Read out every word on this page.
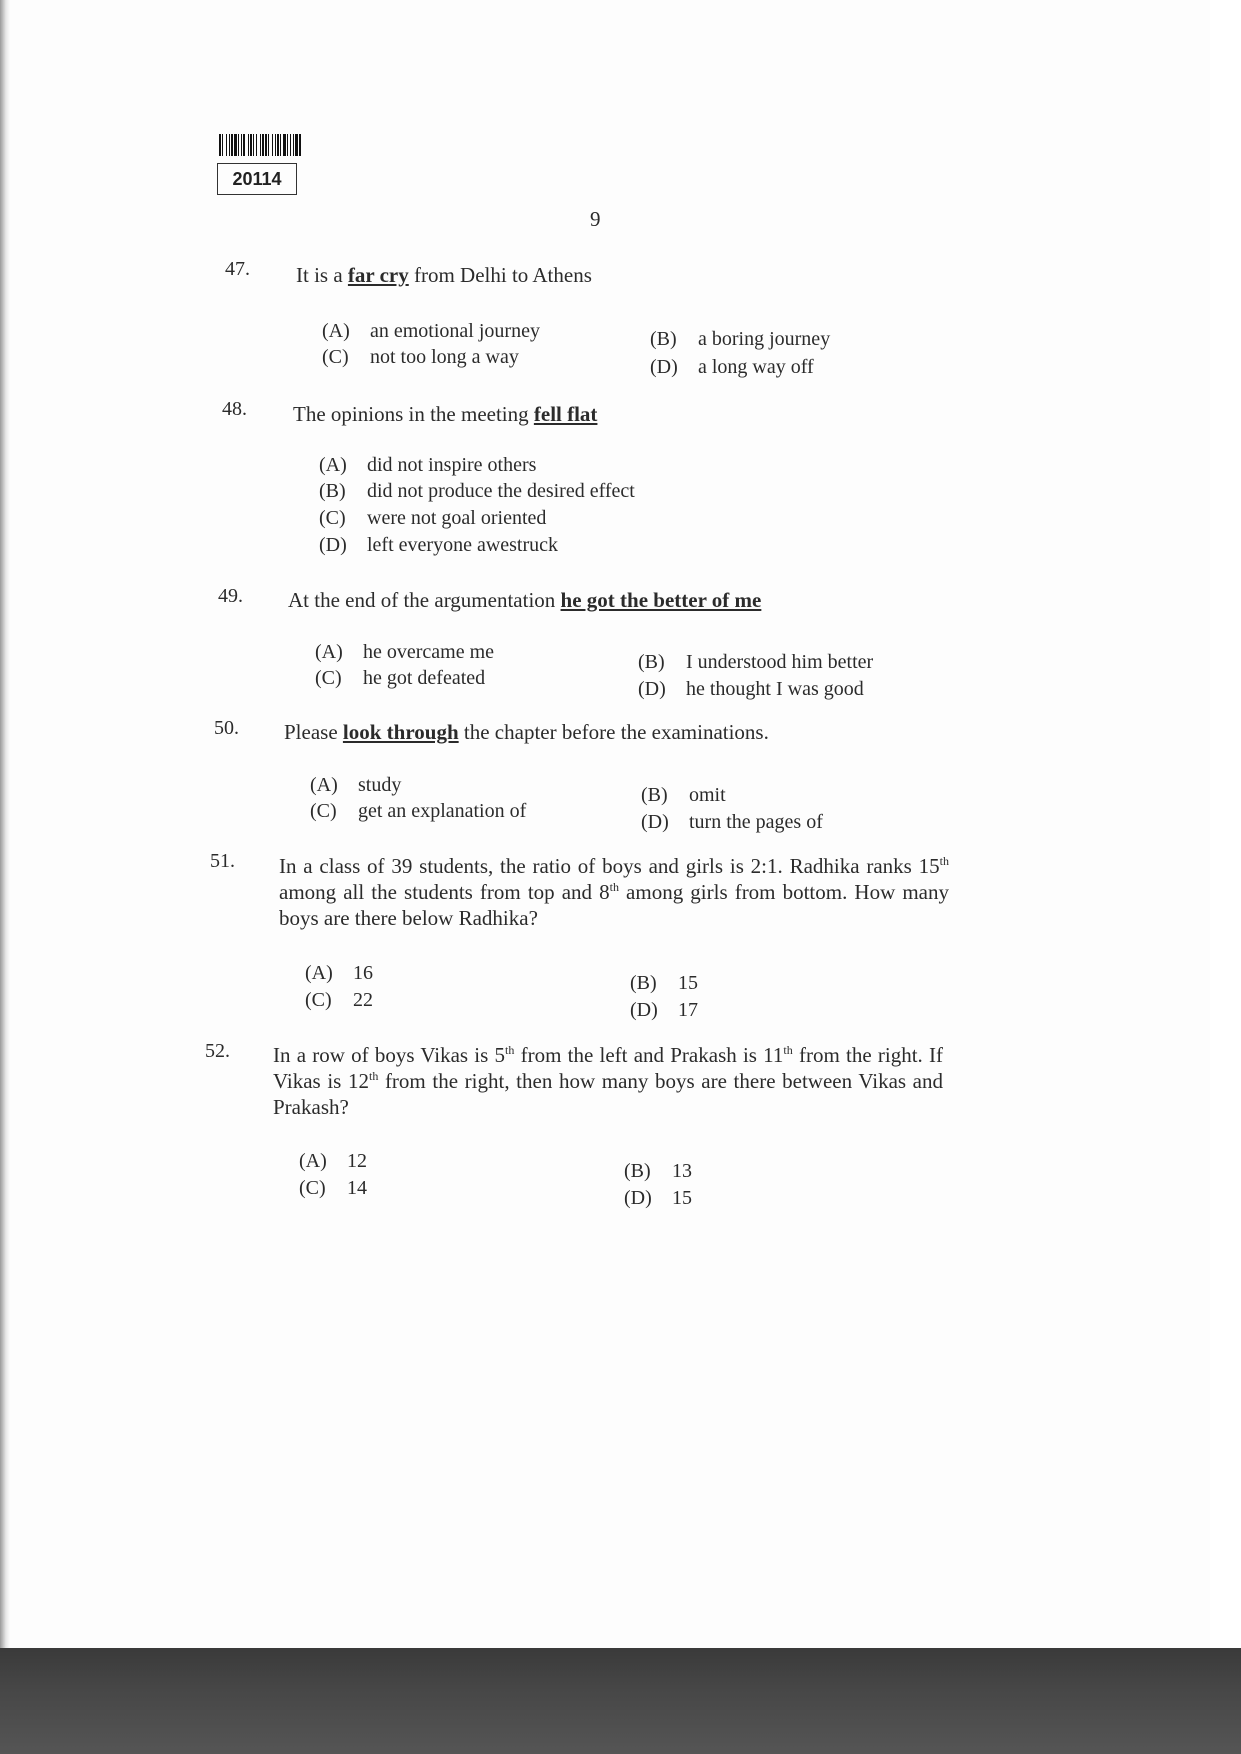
20114
9
47. It is a far cry from Delhi to Athens
(A) an emotional journey	(B) a boring journey
(C) not too long a way	(D) a long way off
48. The opinions in the meeting fell flat
(A) did not inspire others
(B) did not produce the desired effect
(C) were not goal oriented
(D) left everyone awestruck
49. At the end of the argumentation he got the better of me
(A) he overcame me	(B) I understood him better
(C) he got defeated	(D) he thought I was good
50. Please look through the chapter before the examinations.
(A) study	(B) omit
(C) get an explanation of	(D) turn the pages of
51. In a class of 39 students, the ratio of boys and girls is 2:1. Radhika ranks 15th among all the students from top and 8th among girls from bottom. How many boys are there below Radhika?
(A) 16	(B) 15
(C) 22	(D) 17
52. In a row of boys Vikas is 5th from the left and Prakash is 11th from the right. If Vikas is 12th from the right, then how many boys are there between Vikas and Prakash?
(A) 12	(B) 13
(C) 14	(D) 15
